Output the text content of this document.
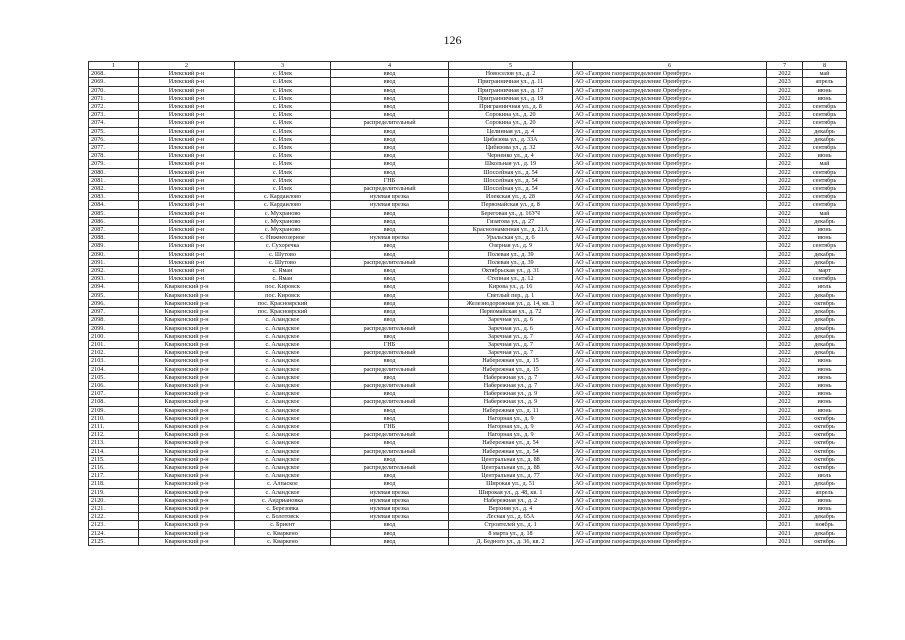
126
1	2	3	4	5	6	7	8
2068.	Илекский р-н	с. Илек	ввод	Новоселов ул., д. 2	АО «Газпром газораспределение Оренбург»	2022	май
2069.	Илекский р-н	с. Илек	ввод	Пригранничная ул., д. 11	АО «Газпром газораспределение Оренбург»	2023	апрель
2070.	Илекский р-н	с. Илек	ввод	Пригранничная ул., д. 17	АО «Газпром газораспределение Оренбург»	2022	июнь
2071.	Илекский р-н	с. Илек	ввод	Пригранничная ул., д. 19	АО «Газпром газораспределение Оренбург»	2022	июнь
2072.	Илекский р-н	с. Илек	ввод	Пригранничная ул., д. 8	АО «Газпром газораспределение Оренбург»	2022	сентябрь
2073.	Илекский р-н	с. Илек	ввод	Сорокина ул., д. 20	АО «Газпром газораспределение Оренбург»	2022	сентябрь
2074.	Илекский р-н	с. Илек	распределительный	Сорокина ул., д. 20	АО «Газпром газораспределение Оренбург»	2022	сентябрь
2075.	Илекский р-н	с. Илек	ввод	Целинная ул., д. 4	АО «Газпром газораспределение Оренбург»	2022	декабрь
2076.	Илекский р-н	с. Илек	ввод	Цибизова ул., д. 33А	АО «Газпром газораспределение Оренбург»	2022	декабрь
2077.	Илекский р-н	с. Илек	ввод	Цибизова ул., д. 32	АО «Газпром газораспределение Оренбург»	2022	сентябрь
2078.	Илекский р-н	с. Илек	ввод	Черненко ул., д. 4	АО «Газпром газораспределение Оренбург»	2022	июнь
2079.	Илекский р-н	с. Илек	ввод	Школьная ул., д. 19	АО «Газпром газораспределение Оренбург»	2022	май
2080.	Илекский р-н	с. Илек	ввод	Шоссейная ул., д. 54	АО «Газпром газораспределение Оренбург»	2022	сентябрь
2081.	Илекский р-н	с. Илек	ГНБ	Шоссейная ул., д. 54	АО «Газпром газораспределение Оренбург»	2022	сентябрь
2082.	Илекский р-н	с. Илек	распределительный	Шоссейная ул., д. 54	АО «Газпром газораспределение Оренбург»	2022	сентябрь
2083.	Илекский р-н	с. Кардаилово	нулевая врезка	Илекская ул., д. 28	АО «Газпром газораспределение Оренбург»	2022	сентябрь
2084.	Илекский р-н	с. Кардаилово	нулевая врезка	Первомайская ул., д. 8	АО «Газпром газораспределение Оренбург»	2022	сентябрь
2085.	Илекский р-н	с. Мухраново	ввод	Береговая ул., д. 16УЧ	АО «Газпром газораспределение Оренбург»	2022	май
2086.	Илекский р-н	с. Мухраново	ввод	Гизатова ул., д. 27	АО «Газпром газораспределение Оренбург»	2021	декабрь
2087.	Илекский р-н	с. Мухраново	ввод	Краснознаменная ул., д. 21А	АО «Газпром газораспределение Оренбург»	2022	июнь
2088.	Илекский р-н	с. Нижнеозерное	нулевая врезка	Уральская ул., д. 6	АО «Газпром газораспределение Оренбург»	2022	июнь
2089.	Илекский р-н	с. Сухоречка	ввод	Озерная ул., д. 9	АО «Газпром газораспределение Оренбург»	2022	сентябрь
2090.	Илекский р-н	с. Шутово	ввод	Полевая ул., д. 39	АО «Газпром газораспределение Оренбург»	2022	декабрь
2091.	Илекский р-н	с. Шутово	распределительный	Полевая ул., д. 39	АО «Газпром газораспределение Оренбург»	2022	декабрь
2092.	Илекский р-н	с. Яман	ввод	Октябрьская ул., д. 31	АО «Газпром газораспределение Оренбург»	2022	март
2093.	Илекский р-н	с. Яман	ввод	Степная ул., д. 12	АО «Газпром газораспределение Оренбург»	2022	сентябрь
2094.	Кваркенский р-н	пос. Кировск	ввод	Кирова ул., д. 16	АО «Газпром газораспределение Оренбург»	2022	июль
2095.	Кваркенский р-н	пос. Кировск	ввод	Светлый пер., д. 1	АО «Газпром газораспределение Оренбург»	2022	декабрь
2096.	Кваркенский р-н	пос. Красноярский	ввод	Железнодорожная ул., д. 14, кв. 3	АО «Газпром газораспределение Оренбург»	2022	октябрь
2097.	Кваркенский р-н	пос. Красноярский	ввод	Первомайская ул., д. 72	АО «Газпром газораспределение Оренбург»	2022	декабрь
2098.	Кваркенский р-н	с. Аландское	ввод	Заречная ул., д. 6	АО «Газпром газораспределение Оренбург»	2022	декабрь
2099.	Кваркенский р-н	с. Аландское	распределительный	Заречная ул., д. 6	АО «Газпром газораспределение Оренбург»	2022	декабрь
2100.	Кваркенский р-н	с. Аландское	ввод	Заречная ул., д. 7	АО «Газпром газораспределение Оренбург»	2022	декабрь
2101.	Кваркенский р-н	с. Аландское	ГНБ	Заречная ул., д. 7	АО «Газпром газораспределение Оренбург»	2022	декабрь
2102.	Кваркенский р-н	с. Аландское	распределительный	Заречная ул., д. 7	АО «Газпром газораспределение Оренбург»	2022	декабрь
2103.	Кваркенский р-н	с. Аландское	ввод	Набережная ул., д. 15	АО «Газпром газораспределение Оренбург»	2022	июнь
2104.	Кваркенский р-н	с. Аландское	распределительный	Набережная ул., д. 15	АО «Газпром газораспределение Оренбург»	2022	июнь
2105.	Кваркенский р-н	с. Аландское	ввод	Набережная ул., д. 7	АО «Газпром газораспределение Оренбург»	2022	июнь
2106.	Кваркенский р-н	с. Аландское	распределительный	Набережная ул., д. 7	АО «Газпром газораспределение Оренбург»	2022	июнь
2107.	Кваркенский р-н	с. Аландское	ввод	Набережная ул., д. 9	АО «Газпром газораспределение Оренбург»	2022	июнь
2108.	Кваркенский р-н	с. Аландское	распределительный	Набережная ул., д. 9	АО «Газпром газораспределение Оренбург»	2022	июнь
2109.	Кваркенский р-н	с. Аландское	ввод	Набережная ул., д. 11	АО «Газпром газораспределение Оренбург»	2022	июнь
2110.	Кваркенский р-н	с. Аландское	ввод	Нагорная ул., д. 9	АО «Газпром газораспределение Оренбург»	2022	октябрь
2111.	Кваркенский р-н	с. Аландское	ГНБ	Нагорная ул., д. 9	АО «Газпром газораспределение Оренбург»	2022	октябрь
2112.	Кваркенский р-н	с. Аландское	распределительный	Нагорная ул., д. 9	АО «Газпром газораспределение Оренбург»	2022	октябрь
2113.	Кваркенский р-н	с. Аландское	ввод	Набережная ул., д. 54	АО «Газпром газораспределение Оренбург»	2022	октябрь
2114.	Кваркенский р-н	с. Аландское	распределительный	Набережная ул., д. 54	АО «Газпром газораспределение Оренбург»	2022	октябрь
2115.	Кваркенский р-н	с. Аландское	ввод	Центральная ул., д. 88	АО «Газпром газораспределение Оренбург»	2022	октябрь
2116.	Кваркенский р-н	с. Аландское	распределительный	Центральная ул., д. 88	АО «Газпром газораспределение Оренбург»	2022	октябрь
2117.	Кваркенский р-н	с. Аландское	ввод	Центральная ул., д. 77	АО «Газпром газораспределение Оренбург»	2022	июль
2118.	Кваркенский р-н	с. Алпаское	ввод	Широкая ул., д. 51	АО «Газпром газораспределение Оренбург»	2021	декабрь
2119.	Кваркенский р-н	с. Аландское	нулевая врезка	Широкая ул., д. 48, кв. 1	АО «Газпром газораспределение Оренбург»	2022	апрель
2120.	Кваркенский р-н	с. Андриановка	нулевая врезка	Набережная ул., д. 2	АО «Газпром газораспределение Оренбург»	2022	июнь
2121.	Кваркенский р-н	с. Березовка	нулевая врезка	Верхняя ул., д. 4	АО «Газпром газораспределение Оренбург»	2022	июнь
2122.	Кваркенский р-н	с. Болотовск	нулевая врезка	Лесная ул., д. 65А	АО «Газпром газораспределение Оренбург»	2021	декабрь
2123.	Кваркенский р-н	с. Бриент	ввод	Строителей ул., д. 1	АО «Газпром газораспределение Оренбург»	2021	ноябрь
2124.	Кваркенский р-н	с. Кваркено	ввод	8 марта ул., д. 18	АО «Газпром газораспределение Оренбург»	2021	декабрь
2125.	Кваркенский р-н	с. Кваркено	ввод	Д. Бедного ул., д. 36, кв. 2	АО «Газпром газораспределение Оренбург»	2021	октябрь
